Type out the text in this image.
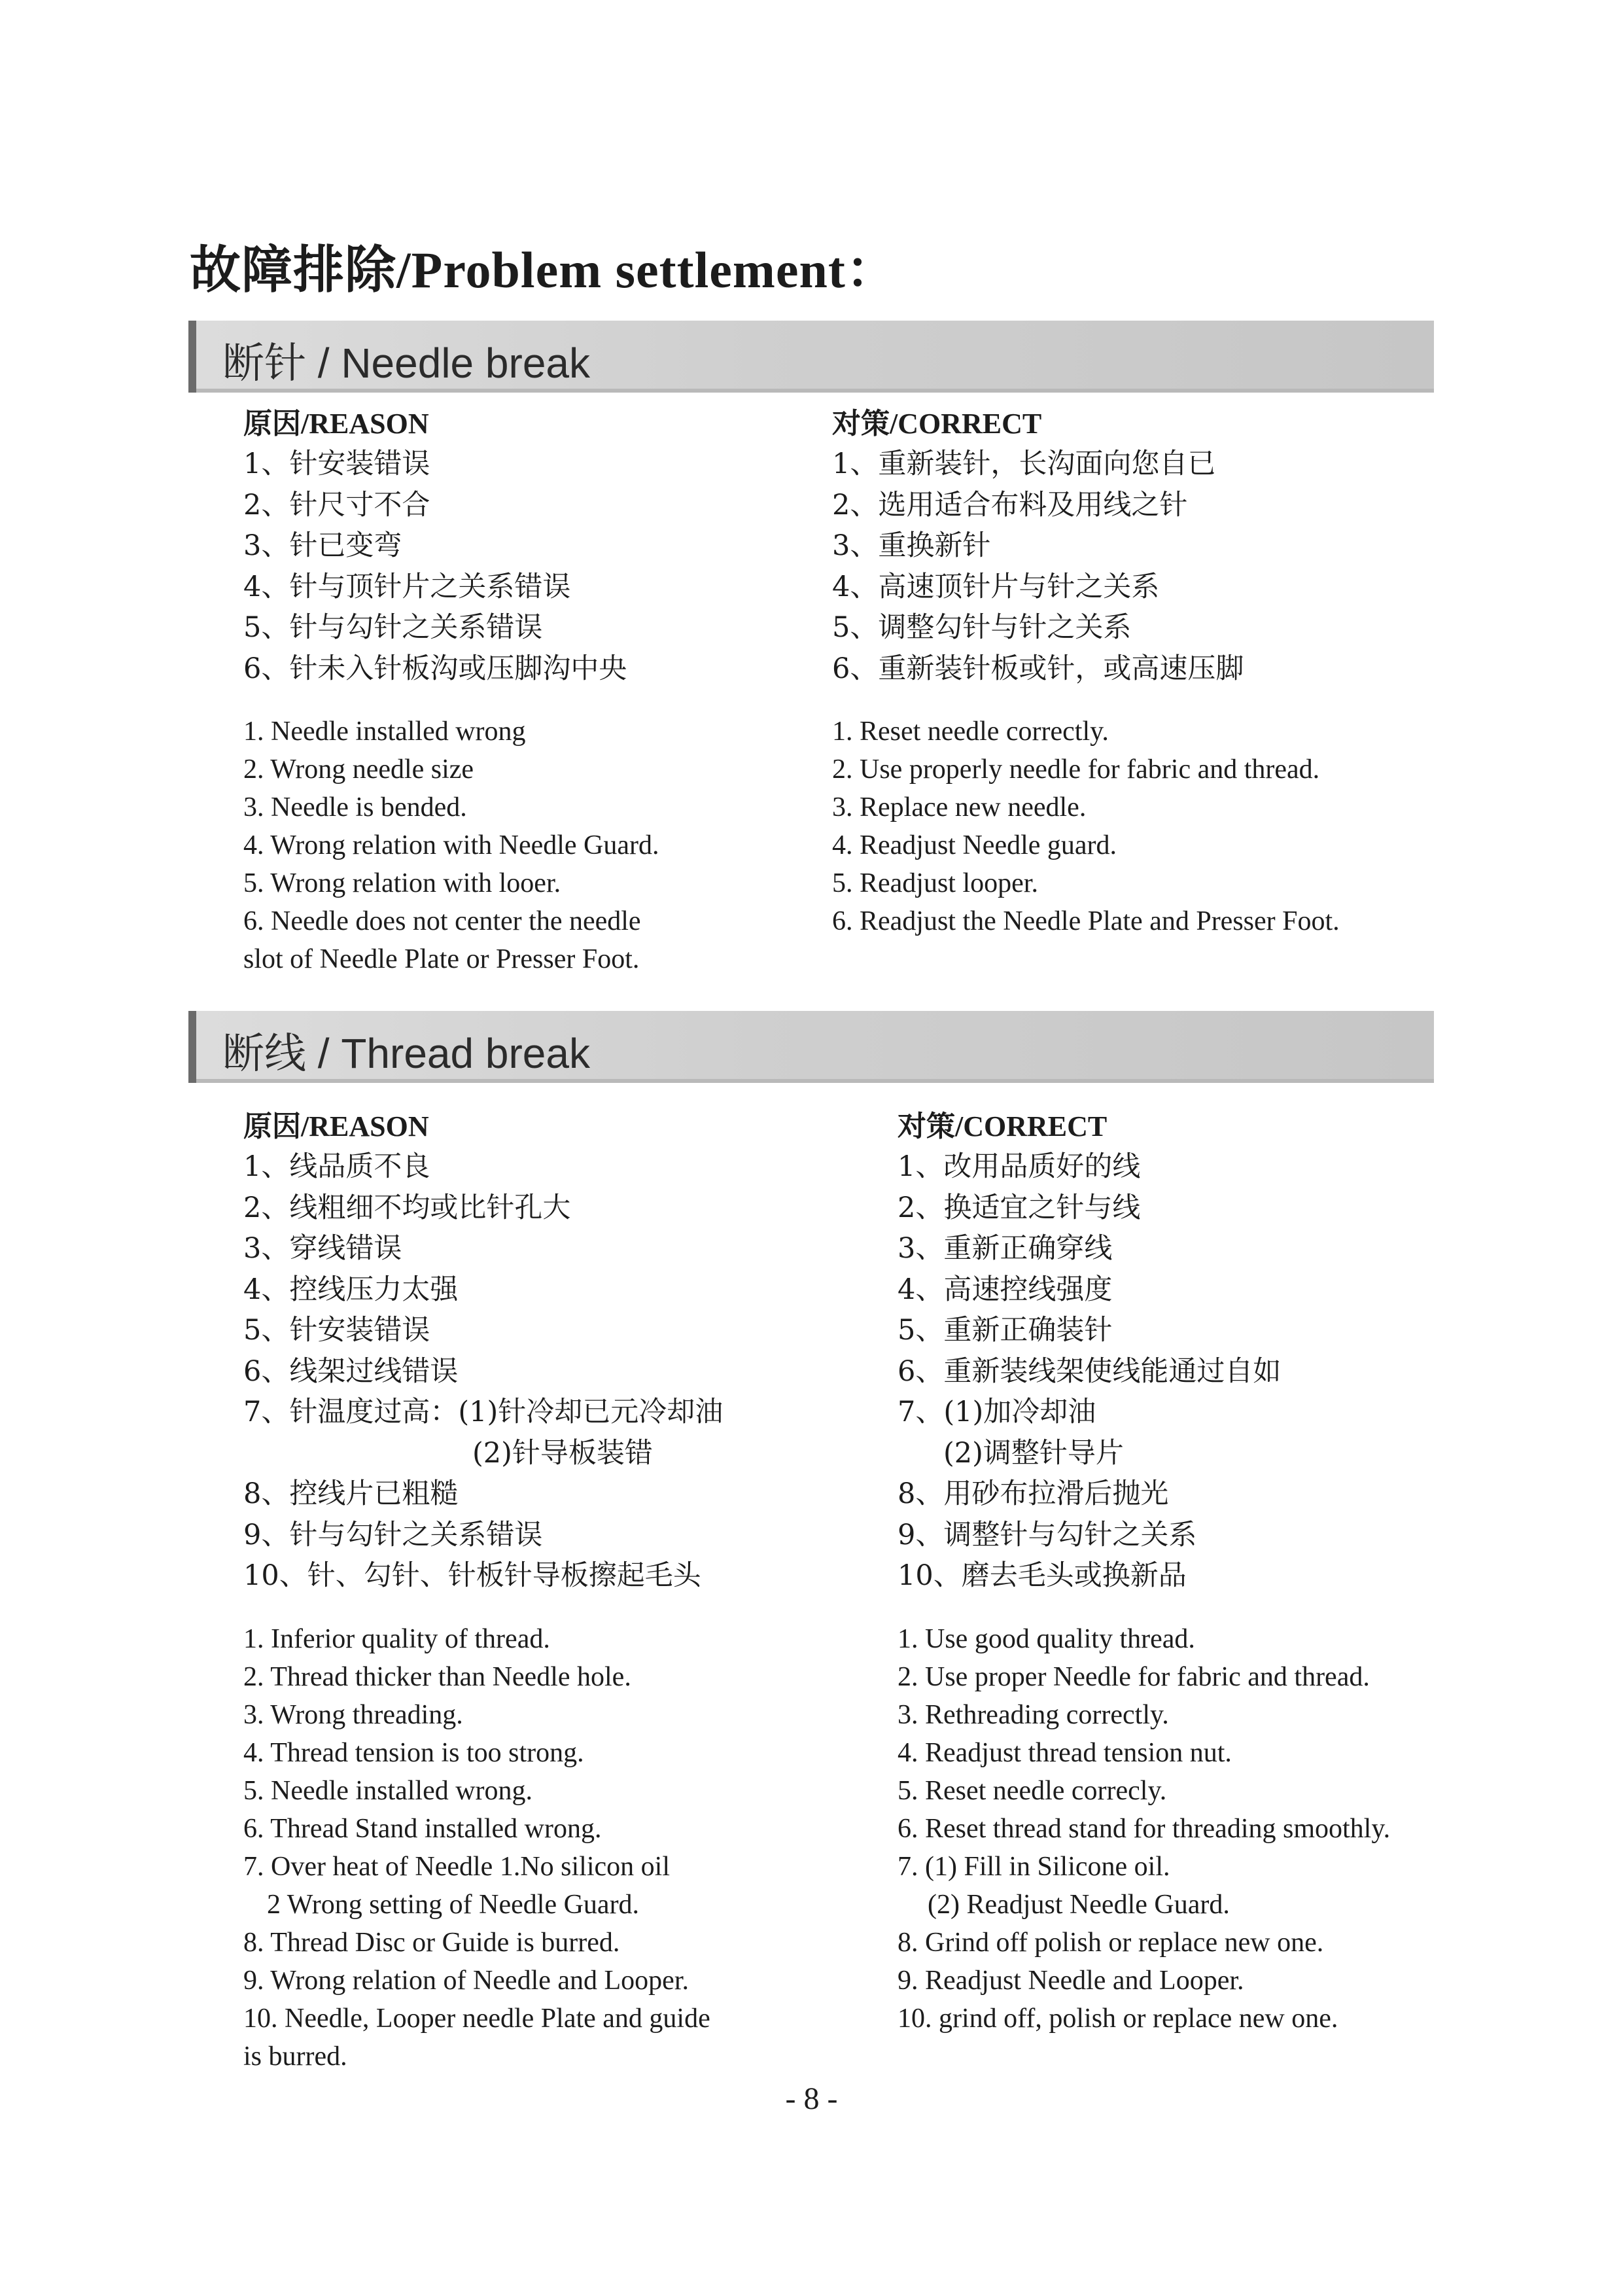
故障排除/Problem settlement：
断针 / Needle break
原因/REASON
1、针安装错误
2、针尺寸不合
3、针已变弯
4、针与顶针片之关系错误
5、针与勾针之关系错误
6、针未入针板沟或压脚沟中央
1. Needle installed wrong
2. Wrong needle size
3. Needle is bended.
4. Wrong relation with Needle Guard.
5. Wrong relation with looer.
6. Needle does not center the needle
slot of Needle Plate or Presser Foot.
对策/CORRECT
1、重新装针，长沟面向您自已
2、选用适合布料及用线之针
3、重换新针
4、高速顶针片与针之关系
5、调整勾针与针之关系
6、重新装针板或针，或高速压脚
1. Reset needle correctly.
2. Use properly needle for fabric and thread.
3. Replace new needle.
4. Readjust Needle guard.
5. Readjust looper.
6. Readjust the Needle Plate and Presser Foot.
断线 / Thread break
原因/REASON
1、线品质不良
2、线粗细不均或比针孔大
3、穿线错误
4、控线压力太强
5、针安装错误
6、线架过线错误
7、针温度过高：(1)针冷却已元冷却油
(2)针导板装错
8、控线片已粗糙
9、针与勾针之关系错误
10、针、勾针、针板针导板擦起毛头
1. Inferior quality of thread.
2. Thread thicker than Needle hole.
3. Wrong threading.
4. Thread tension is too strong.
5. Needle installed wrong.
6. Thread Stand installed wrong.
7. Over heat of Needle 1.No silicon oil
2 Wrong setting of Needle Guard.
8. Thread Disc or Guide is burred.
9. Wrong relation of Needle and Looper.
10. Needle, Looper needle Plate and guide
is burred.
对策/CORRECT
1、改用品质好的线
2、换适宜之针与线
3、重新正确穿线
4、高速控线强度
5、重新正确装针
6、重新装线架使线能通过自如
7、(1)加冷却油
(2)调整针导片
8、用砂布拉滑后抛光
9、调整针与勾针之关系
10、磨去毛头或换新品
1. Use good quality thread.
2. Use proper Needle for fabric and thread.
3. Rethreading correctly.
4. Readjust thread tension nut.
5. Reset needle correcly.
6. Reset thread stand for threading smoothly.
7. (1) Fill in Silicone oil.
(2) Readjust Needle Guard.
8. Grind off polish or replace new one.
9. Readjust Needle and Looper.
10. grind off, polish or replace new one.
- 8 -
